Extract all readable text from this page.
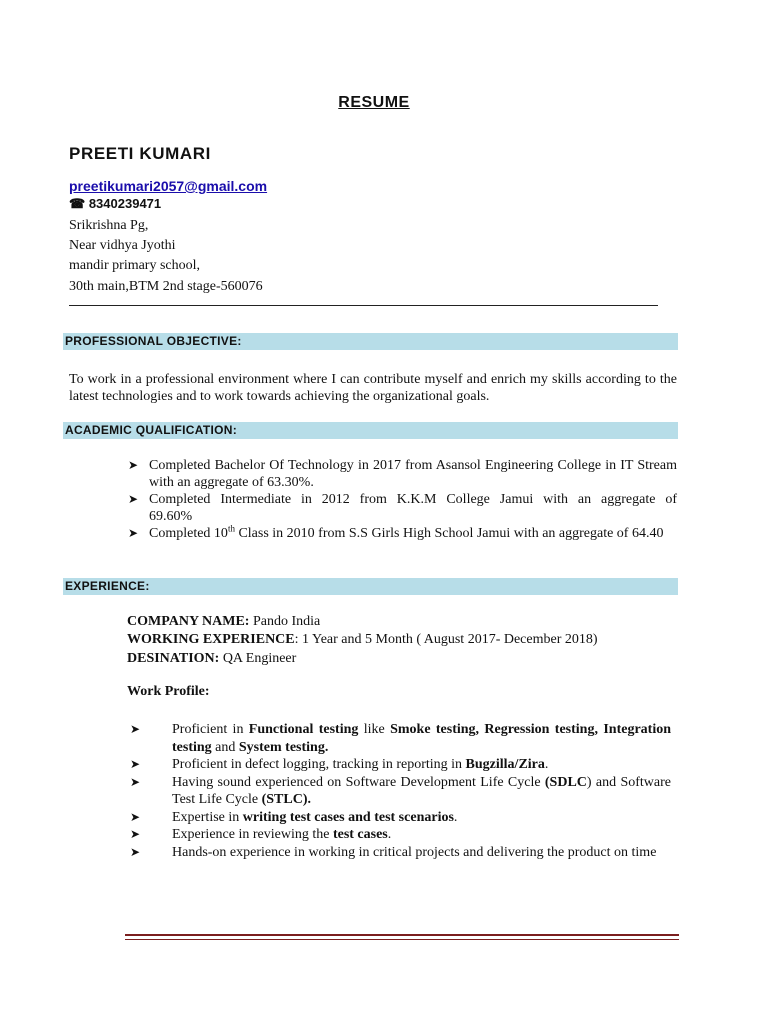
RESUME
PREETI KUMARI
preetikumari2057@gmail.com
☎ 8340239471
Srikrishna Pg,
Near vidhya Jyothi
mandir primary school,
30th main,BTM 2nd stage-560076
PROFESSIONAL OBJECTIVE:
To work in a professional environment where I can contribute myself and enrich my skills according to the latest technologies and to work towards achieving the organizational goals.
ACADEMIC QUALIFICATION:
➤ Completed Bachelor Of Technology in 2017 from Asansol Engineering College in IT Stream with an aggregate of 63.30%.
➤ Completed Intermediate in 2012 from K.K.M College Jamui with an aggregate of 69.60%
➤ Completed 10th Class in 2010 from S.S Girls High School Jamui with an aggregate of 64.40
EXPERIENCE:
COMPANY NAME: Pando India
WORKING EXPERIENCE: 1 Year and 5 Month ( August 2017- December 2018)
DESINATION: QA Engineer
Work Profile:
➤ Proficient in Functional testing like Smoke testing, Regression testing, Integration testing and System testing.
➤ Proficient in defect logging, tracking in reporting in Bugzilla/Zira.
➤ Having sound experienced on Software Development Life Cycle (SDLC) and Software Test Life Cycle (STLC).
➤ Expertise in writing test cases and test scenarios.
➤ Experience in reviewing the test cases.
➤ Hands-on experience in working in critical projects and delivering the product on time
